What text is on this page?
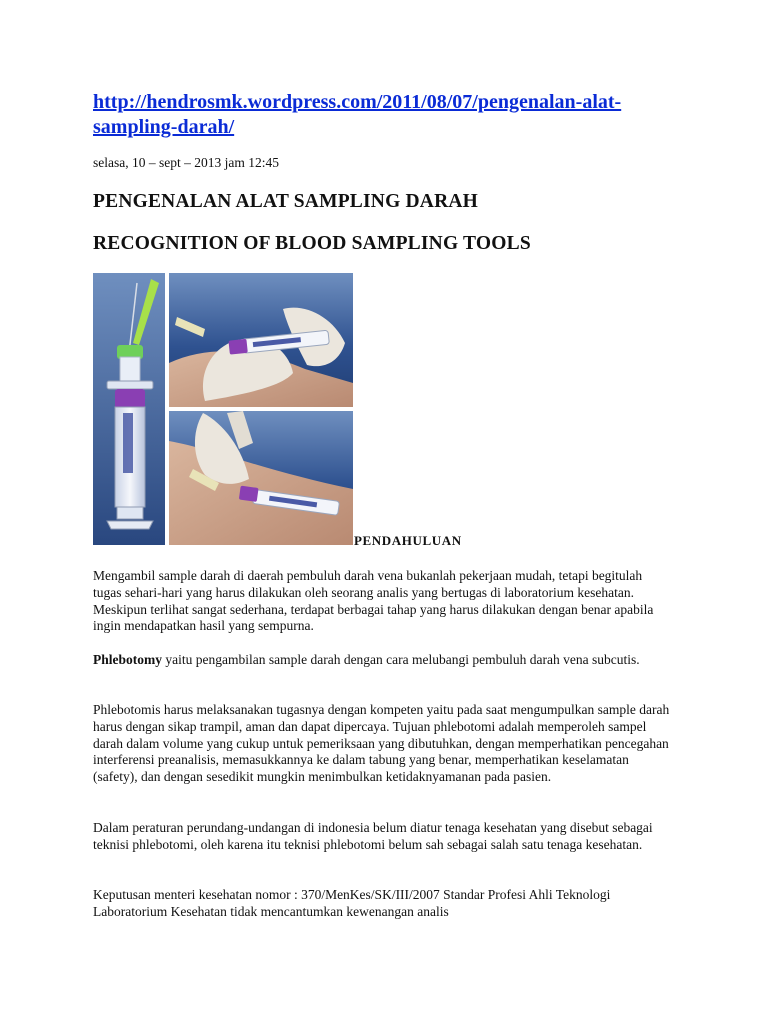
http://hendrosmk.wordpress.com/2011/08/07/pengenalan-alat-sampling-darah/
selasa, 10 – sept – 2013 jam 12:45
PENGENALAN ALAT SAMPLING DARAH
RECOGNITION OF BLOOD SAMPLING TOOLS
PENDAHULUAN

Mengambil sample darah di daerah pembuluh darah vena bukanlah pekerjaan mudah, tetapi begitulah tugas sehari-hari yang harus dilakukan oleh seorang analis yang bertugas di laboratorium kesehatan. Meskipun terlihat sangat sederhana, terdapat berbagai tahap yang harus dilakukan dengan benar apabila ingin mendapatkan hasil yang sempurna.

Phlebotomy yaitu pengambilan sample darah dengan cara melubangi pembuluh darah vena subcutis.

Phlebotomis harus melaksanakan tugasnya dengan kompeten yaitu pada saat mengumpulkan sample darah harus dengan sikap trampil, aman dan dapat dipercaya. Tujuan phlebotomi adalah memperoleh sampel darah dalam volume yang cukup untuk pemeriksaan yang dibutuhkan, dengan memperhatikan pencegahan interferensi preanalisis, memasukkannya ke dalam tabung yang benar, memperhatikan keselamatan (safety), dan dengan sesedikit mungkin menimbulkan ketidaknyamanan pada pasien.

Dalam peraturan perundang-undangan di indonesia belum diatur tenaga kesehatan yang disebut sebagai teknisi phlebotomi, oleh karena itu teknisi phlebotomi belum sah sebagai salah satu tenaga kesehatan.

Keputusan menteri kesehatan nomor : 370/MenKes/SK/III/2007 Standar Profesi Ahli Teknologi Laboratorium Kesehatan tidak mencantumkan kewenangan analis
